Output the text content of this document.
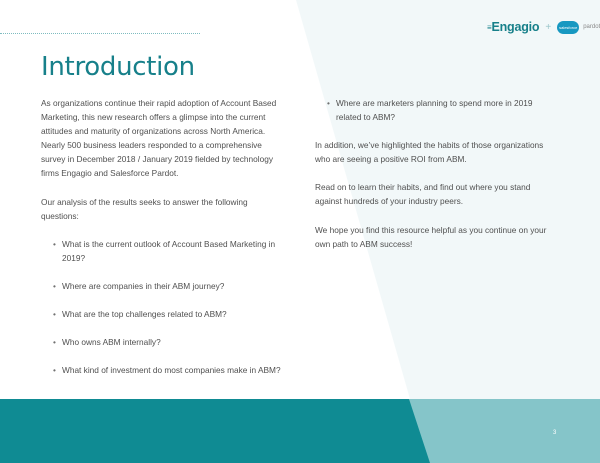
≡Engagio + salesforce pardot
Introduction

As organizations continue their rapid adoption of Account Based Marketing, this new research offers a glimpse into the current attitudes and maturity of organizations across North America. Nearly 500 business leaders responded to a comprehensive survey in December 2018 / January 2019 fielded by technology firms Engagio and Salesforce Pardot.

Our analysis of the results seeks to answer the following questions:

• What is the current outlook of Account Based Marketing in 2019?
• Where are companies in their ABM journey?
• What are the top challenges related to ABM?
• Who owns ABM internally?
• What kind of investment do most companies make in ABM?
• Where are marketers planning to spend more in 2019 related to ABM?

In addition, we’ve highlighted the habits of those organizations who are seeing a positive ROI from ABM.

Read on to learn their habits, and find out where you stand against hundreds of your industry peers.

We hope you find this resource helpful as you continue on your own path to ABM success!

3
